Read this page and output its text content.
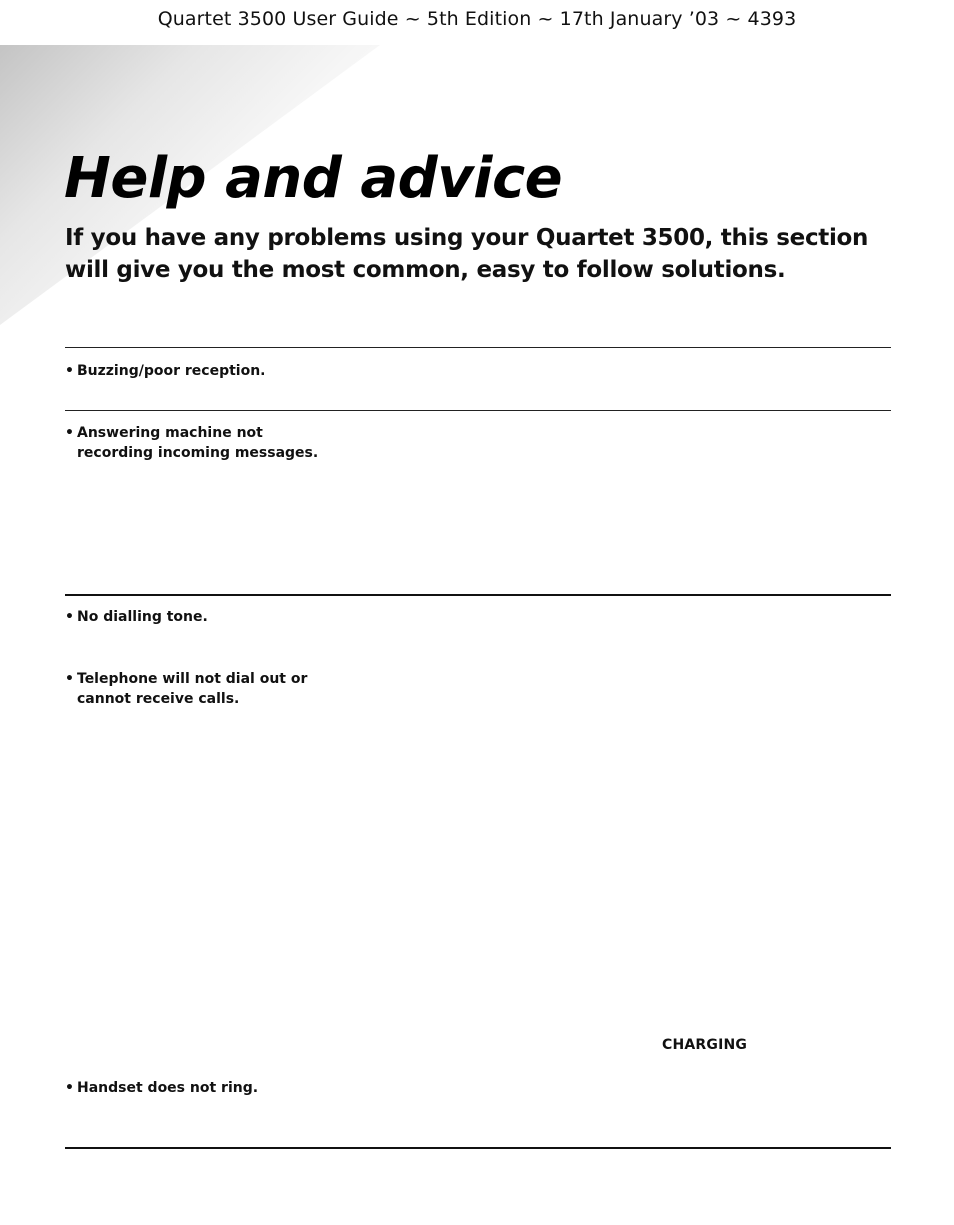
Quartet 3500 User Guide ~ 5th Edition ~ 17th January ’03 ~ 4393
Help and advice

If you have any problems using your Quartet 3500, this section will give you the most common, easy to follow solutions.

• Buzzing/poor reception.
• Answering machine not
recording incoming messages.
• No dialling tone.
• Telephone will not dial out or
cannot receive calls.
CHARGING
• Handset does not ring.
